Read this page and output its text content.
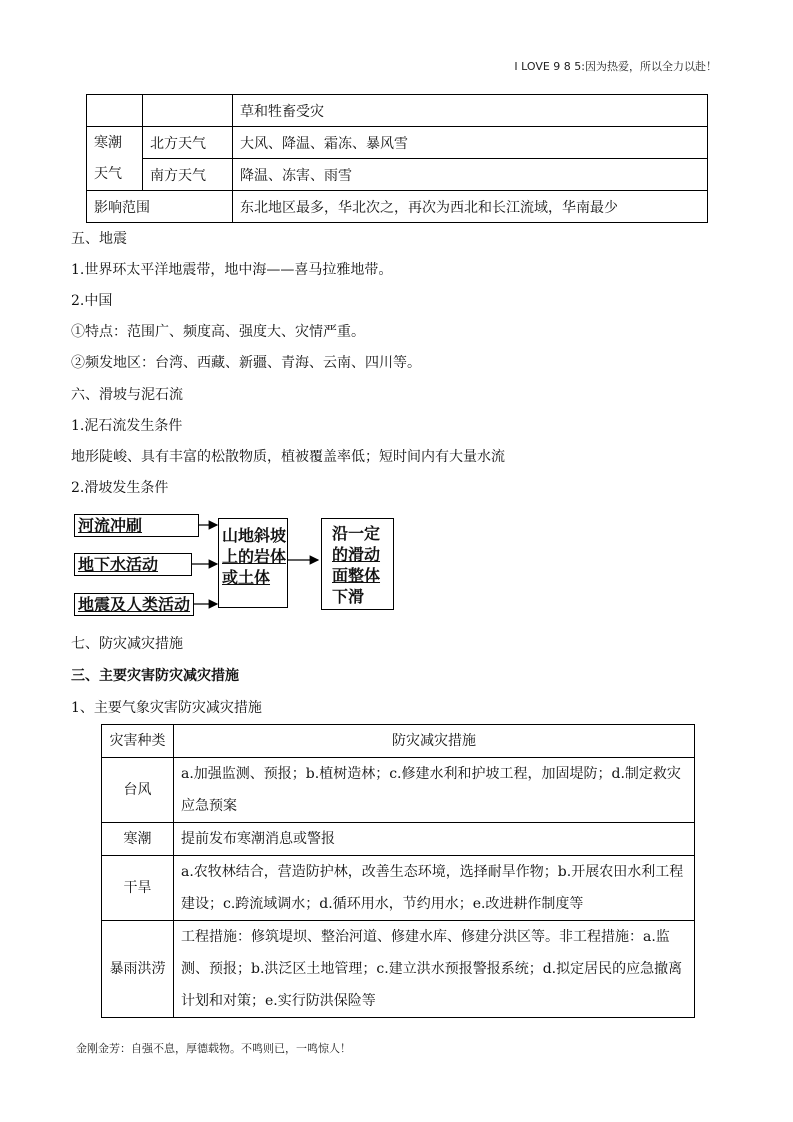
I LOVE 9 8 5:因为热爱，所以全力以赴！
		草和牲畜受灾

寒潮
天气	北方天气	大风、降温、霜冻、暴风雪
	南方天气	降温、冻害、雨雪
影响范围		东北地区最多，华北次之，再次为西北和长江流域，华南最少
五、地震
1.世界环太平洋地震带，地中海——喜马拉雅地带。
2.中国
①特点：范围广、频度高、强度大、灾情严重。
②频发地区：台湾、西藏、新疆、青海、云南、四川等。
六、滑坡与泥石流
1.泥石流发生条件
地形陡峻、具有丰富的松散物质，植被覆盖率低；短时间内有大量水流
2.滑坡发生条件
河流冲刷
地下水活动
地震及人类活动
山地斜坡
上的岩体
或土体
沿一定
的滑动
面整体
下滑
七、防灾减灾措施
三、主要灾害防灾减灾措施
1、主要气象灾害防灾减灾措施
灾害种类	防灾减灾措施
台风	a.加强监测、预报；b.植树造林；c.修建水利和护坡工程，加固堤防；d.制定救灾应急预案
寒潮	提前发布寒潮消息或警报
干旱	a.农牧林结合，营造防护林，改善生态环境，选择耐旱作物；b.开展农田水利工程建设；c.跨流域调水；d.循环用水，节约用水；e.改进耕作制度等
暴雨洪涝	工程措施：修筑堤坝、整治河道、修建水库、修建分洪区等。非工程措施：a.监测、预报；b.洪泛区土地管理；c.建立洪水预报警报系统；d.拟定居民的应急撤离计划和对策；e.实行防洪保险等
金刚金芳：自强不息，厚德载物。不鸣则已，一鸣惊人！
